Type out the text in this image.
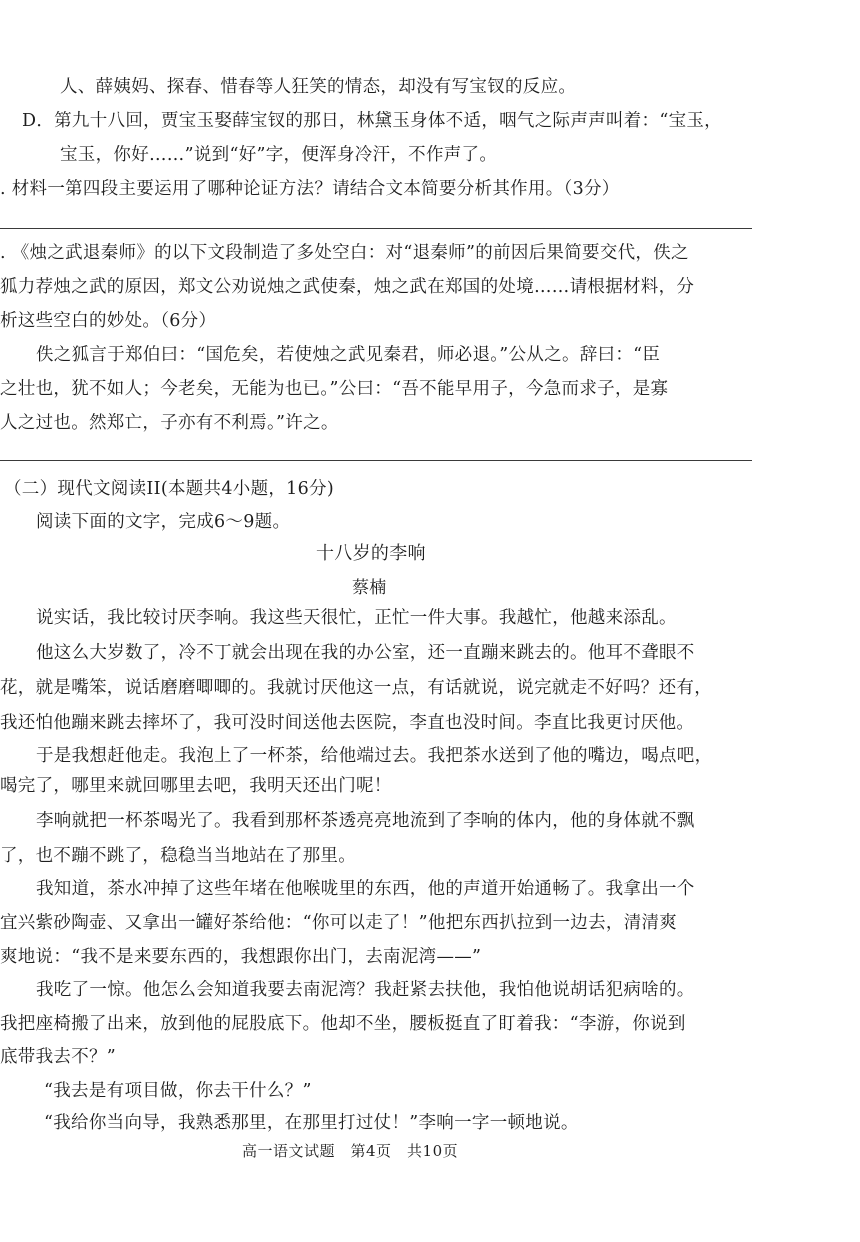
人、薛姨妈、探春、惜春等人狂笑的情态，却没有写宝钗的反应。
D．第九十八回，贾宝玉娶薛宝钗的那日，林黛玉身体不适，咽气之际声声叫着：“宝玉，
宝玉，你好……”说到“好”字，便浑身冷汗，不作声了。
. 材料一第四段主要运用了哪种论证方法？请结合文本简要分析其作用。（3分）
. 《烛之武退秦师》的以下文段制造了多处空白：对“退秦师”的前因后果简要交代，佚之
狐力荐烛之武的原因，郑文公劝说烛之武使秦，烛之武在郑国的处境……请根据材料，分
析这些空白的妙处。（6分）
佚之狐言于郑伯曰：“国危矣，若使烛之武见秦君，师必退。”公从之。辞曰：“臣
之壮也，犹不如人；今老矣，无能为也已。”公曰：“吾不能早用子，今急而求子，是寡
人之过也。然郑亡，子亦有不利焉。”许之。
（二）现代文阅读II(本题共4小题，16分)
阅读下面的文字，完成6～9题。
十八岁的李响
蔡楠
说实话，我比较讨厌李响。我这些天很忙，正忙一件大事。我越忙，他越来添乱。
他这么大岁数了，冷不丁就会出现在我的办公室，还一直蹦来跳去的。他耳不聋眼不
花，就是嘴笨，说话磨磨唧唧的。我就讨厌他这一点，有话就说，说完就走不好吗？还有，
我还怕他蹦来跳去摔坏了，我可没时间送他去医院，李直也没时间。李直比我更讨厌他。
于是我想赶他走。我泡上了一杯茶，给他端过去。我把茶水送到了他的嘴边，喝点吧，
喝完了，哪里来就回哪里去吧，我明天还出门呢！
李响就把一杯茶喝光了。我看到那杯茶透亮亮地流到了李响的体内，他的身体就不飘
了，也不蹦不跳了，稳稳当当地站在了那里。
我知道，茶水冲掉了这些年堵在他喉咙里的东西，他的声道开始通畅了。我拿出一个
宜兴紫砂陶壶、又拿出一罐好茶给他：“你可以走了！”他把东西扒拉到一边去，清清爽
爽地说：“我不是来要东西的，我想跟你出门，去南泥湾——”
我吃了一惊。他怎么会知道我要去南泥湾？我赶紧去扶他，我怕他说胡话犯病啥的。
我把座椅搬了出来，放到他的屁股底下。他却不坐，腰板挺直了盯着我：“李游，你说到
底带我去不？”
“我去是有项目做，你去干什么？”
“我给你当向导，我熟悉那里，在那里打过仗！”李响一字一顿地说。
高一语文试题　第4页　共10页
